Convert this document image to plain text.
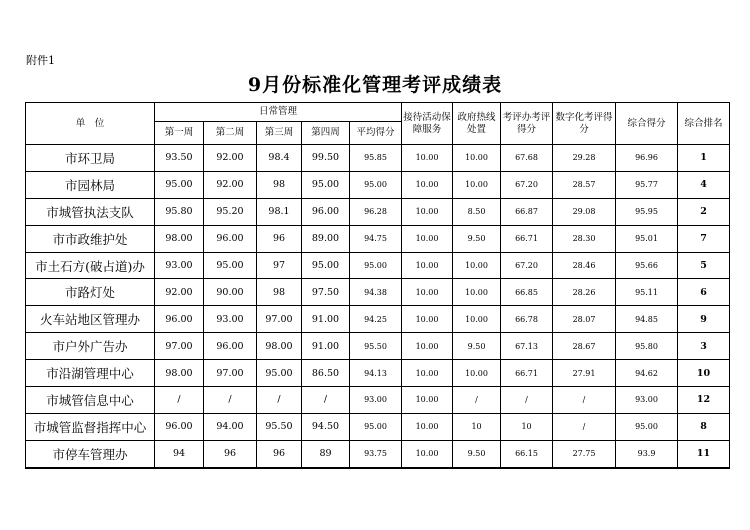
附件1
9月份标准化管理考评成绩表
单　位	日常管理					接待活动保障服务	政府热线处置	考评办考评得分	数字化考评得分	综合得分	综合排名
	第一周	第二周	第三周	第四周	平均得分						
市环卫局	93.50	92.00	98.4	99.50	95.85	10.00	10.00	67.68	29.28	96.96	1
市园林局	95.00	92.00	98	95.00	95.00	10.00	10.00	67.20	28.57	95.77	4
市城管执法支队	95.80	95.20	98.1	96.00	96.28	10.00	8.50	66.87	29.08	95.95	2
市市政维护处	98.00	96.00	96	89.00	94.75	10.00	9.50	66.71	28.30	95.01	7
市土石方(破占道)办	93.00	95.00	97	95.00	95.00	10.00	10.00	67.20	28.46	95.66	5
市路灯处	92.00	90.00	98	97.50	94.38	10.00	10.00	66.85	28.26	95.11	6
火车站地区管理办	96.00	93.00	97.00	91.00	94.25	10.00	10.00	66.78	28.07	94.85	9
市户外广告办	97.00	96.00	98.00	91.00	95.50	10.00	9.50	67.13	28.67	95.80	3
市沿湖管理中心	98.00	97.00	95.00	86.50	94.13	10.00	10.00	66.71	27.91	94.62	10
市城管信息中心	/	/	/	/	93.00	10.00	/	/	/	93.00	12
市城管监督指挥中心	96.00	94.00	95.50	94.50	95.00	10.00	10	10	/	95.00	8
市停车管理办	94	96	96	89	93.75	10.00	9.50	66.15	27.75	93.9	11
